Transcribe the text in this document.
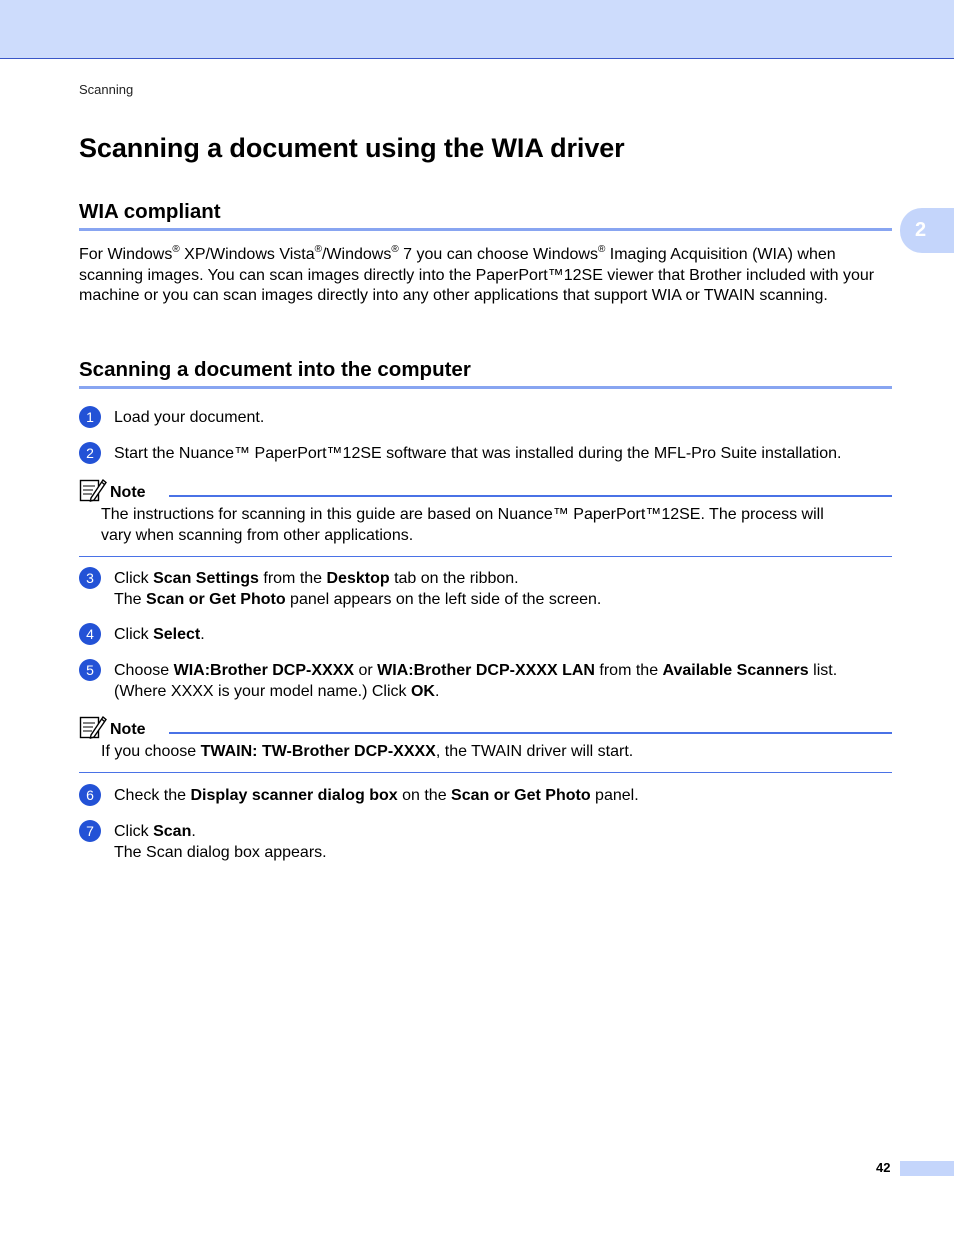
Scanning
2
Scanning a document using the WIA driver
WIA compliant
For Windows® XP/Windows Vista®/Windows® 7 you can choose Windows® Imaging Acquisition (WIA) when scanning images. You can scan images directly into the PaperPort™12SE viewer that Brother included with your machine or you can scan images directly into any other applications that support WIA or TWAIN scanning.
Scanning a document into the computer
1	Load your document.
2	Start the Nuance™ PaperPort™12SE software that was installed during the MFL-Pro Suite installation.
Note
The instructions for scanning in this guide are based on Nuance™ PaperPort™12SE. The process will
vary when scanning from other applications.
3	Click Scan Settings from the Desktop tab on the ribbon.
The Scan or Get Photo panel appears on the left side of the screen.
4	Click Select.
5	Choose WIA:Brother DCP-XXXX or WIA:Brother DCP-XXXX LAN from the Available Scanners list.
(Where XXXX is your model name.) Click OK.
Note
If you choose TWAIN: TW-Brother DCP-XXXX, the TWAIN driver will start.
6	Check the Display scanner dialog box on the Scan or Get Photo panel.
7	Click Scan.
The Scan dialog box appears.
42
